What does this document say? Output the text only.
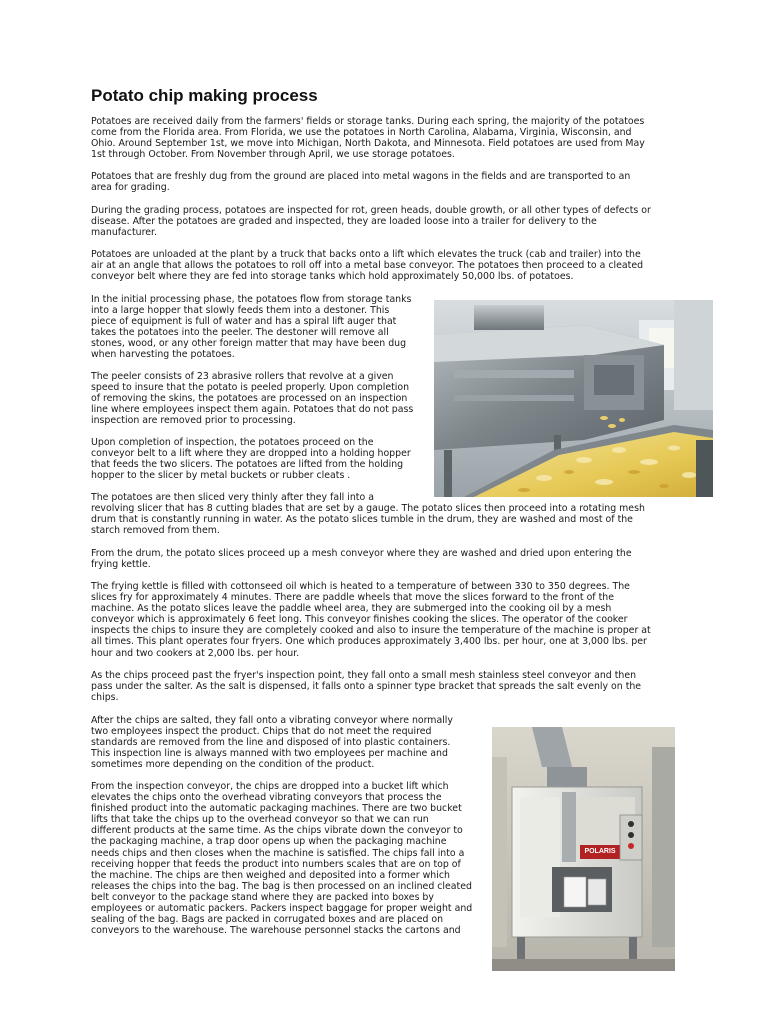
Potato chip making process

Potatoes are received daily from the farmers' fields or storage tanks. During each spring, the majority of the potatoes
come from the Florida area. From Florida, we use the potatoes in North Carolina, Alabama, Virginia, Wisconsin, and
Ohio. Around September 1st, we move into Michigan, North Dakota, and Minnesota. Field potatoes are used from May
1st through October. From November through April, we use storage potatoes.

Potatoes that are freshly dug from the ground are placed into metal wagons in the fields and are transported to an
area for grading.

During the grading process, potatoes are inspected for rot, green heads, double growth, or all other types of defects or
disease. After the potatoes are graded and inspected, they are loaded loose into a trailer for delivery to the
manufacturer.

Potatoes are unloaded at the plant by a truck that backs onto a lift which elevates the truck (cab and trailer) into the
air at an angle that allows the potatoes to roll off into a metal base conveyor. The potatoes then proceed to a cleated
conveyor belt where they are fed into storage tanks which hold approximately 50,000 lbs. of potatoes.

In the initial processing phase, the potatoes flow from storage tanks
into a large hopper that slowly feeds them into a destoner. This
piece of equipment is full of water and has a spiral lift auger that
takes the potatoes into the peeler. The destoner will remove all
stones, wood, or any other foreign matter that may have been dug
when harvesting the potatoes.

The peeler consists of 23 abrasive rollers that revolve at a given
speed to insure that the potato is peeled properly. Upon completion
of removing the skins, the potatoes are processed on an inspection
line where employees inspect them again. Potatoes that do not pass
inspection are removed prior to processing.

Upon completion of inspection, the potatoes proceed on the
conveyor belt to a lift where they are dropped into a holding hopper
that feeds the two slicers. The potatoes are lifted from the holding
hopper to the slicer by metal buckets or rubber cleats .

The potatoes are then sliced very thinly after they fall into a
revolving slicer that has 8 cutting blades that are set by a gauge. The potato slices then proceed into a rotating mesh
drum that is constantly running in water. As the potato slices tumble in the drum, they are washed and most of the
starch removed from them.

From the drum, the potato slices proceed up a mesh conveyor where they are washed and dried upon entering the
frying kettle.

The frying kettle is filled with cottonseed oil which is heated to a temperature of between 330 to 350 degrees. The
slices fry for approximately 4 minutes. There are paddle wheels that move the slices forward to the front of the
machine. As the potato slices leave the paddle wheel area, they are submerged into the cooking oil by a mesh
conveyor which is approximately 6 feet long. This conveyor finishes cooking the slices. The operator of the cooker
inspects the chips to insure they are completely cooked and also to insure the temperature of the machine is proper at
all times. This plant operates four fryers. One which produces approximately 3,400 lbs. per hour, one at 3,000 lbs. per
hour and two cookers at 2,000 lbs. per hour.

As the chips proceed past the fryer's inspection point, they fall onto a small mesh stainless steel conveyor and then
pass under the salter. As the salt is dispensed, it falls onto a spinner type bracket that spreads the salt evenly on the
chips.

After the chips are salted, they fall onto a vibrating conveyor where normally
two employees inspect the product. Chips that do not meet the required
standards are removed from the line and disposed of into plastic containers.
This inspection line is always manned with two employees per machine and
sometimes more depending on the condition of the product.

From the inspection conveyor, the chips are dropped into a bucket lift which
elevates the chips onto the overhead vibrating conveyors that process the
finished product into the automatic packaging machines. There are two bucket
lifts that take the chips up to the overhead conveyor so that we can run
different products at the same time. As the chips vibrate down the conveyor to
the packaging machine, a trap door opens up when the packaging machine
needs chips and then closes when the machine is satisfied. The chips fall into a
receiving hopper that feeds the product into numbers scales that are on top of
the machine. The chips are then weighed and deposited into a former which
releases the chips into the bag. The bag is then processed on an inclined cleated
belt conveyor to the package stand where they are packed into boxes by
employees or automatic packers. Packers inspect baggage for proper weight and
sealing of the bag. Bags are packed in corrugated boxes and are placed on
conveyors to the warehouse. The warehouse personnel stacks the cartons and

POLARIS
